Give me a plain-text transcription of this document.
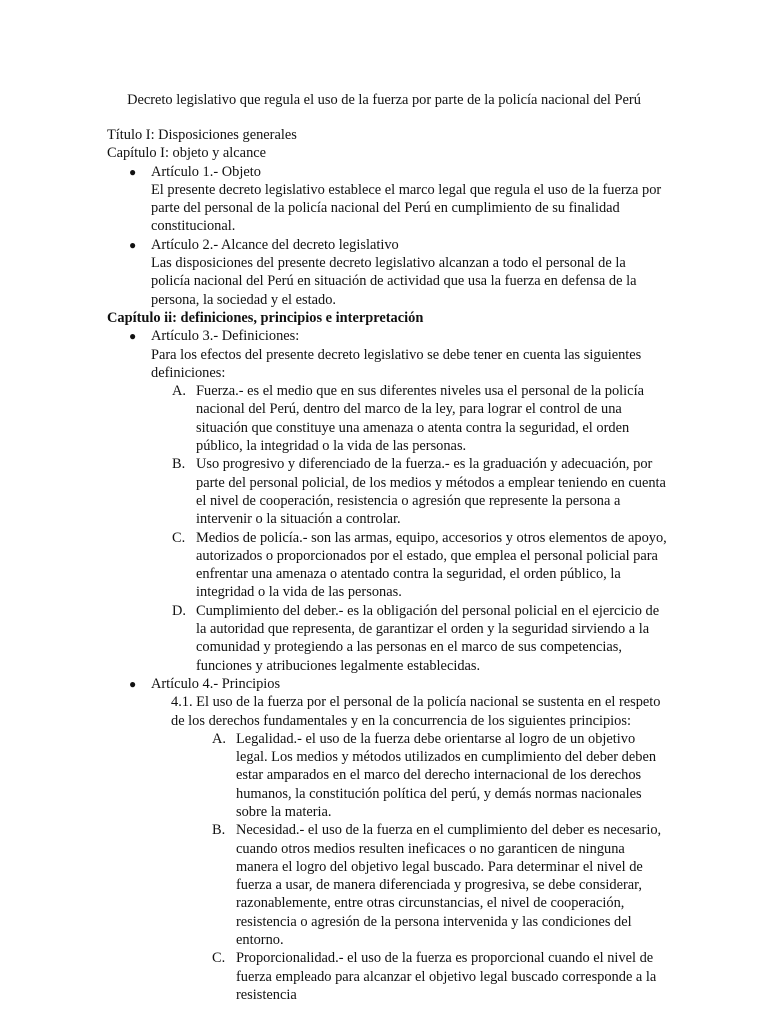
Decreto legislativo que regula el uso de la fuerza por parte de la policía nacional del Perú

Título I: Disposiciones generales

Capítulo I: objeto y alcance

● Artículo 1.- Objeto

El presente decreto legislativo establece el marco legal que regula el uso de la fuerza por parte del personal de la policía nacional del Perú en cumplimiento de su finalidad constitucional.

● Artículo 2.- Alcance del decreto legislativo

Las disposiciones del presente decreto legislativo alcanzan a todo el personal de la policía nacional del Perú en situación de actividad que usa la fuerza en defensa de la persona, la sociedad y el estado.

Capítulo ii: definiciones, principios e interpretación

● Artículo 3.- Definiciones:

Para los efectos del presente decreto legislativo se debe tener en cuenta las siguientes definiciones:

A. Fuerza.- es el medio que en sus diferentes niveles usa el personal de la policía nacional del Perú, dentro del marco de la ley, para lograr el control de una situación que constituye una amenaza o atenta contra la seguridad, el orden público, la integridad o la vida de las personas.
B. Uso progresivo y diferenciado de la fuerza.- es la graduación y adecuación, por parte del personal policial, de los medios y métodos a emplear teniendo en cuenta el nivel de cooperación, resistencia o agresión que represente la persona a intervenir o la situación a controlar.
C. Medios de policía.- son las armas, equipo, accesorios y otros elementos de apoyo, autorizados o proporcionados por el estado, que emplea el personal policial para enfrentar una amenaza o atentado contra la seguridad, el orden público, la integridad o la vida de las personas.
D. Cumplimiento del deber.- es la obligación del personal policial en el ejercicio de la autoridad que representa, de garantizar el orden y la seguridad sirviendo a la comunidad y protegiendo a las personas en el marco de sus competencias, funciones y atribuciones legalmente establecidas.
● Artículo 4.- Principios

4.1. El uso de la fuerza por el personal de la policía nacional se sustenta en el respeto de los derechos fundamentales y en la concurrencia de los siguientes principios:

A. Legalidad.- el uso de la fuerza debe orientarse al logro de un objetivo legal. Los medios y métodos utilizados en cumplimiento del deber deben estar amparados en el marco del derecho internacional de los derechos humanos, la constitución política del perú, y demás normas nacionales sobre la materia.
B. Necesidad.- el uso de la fuerza en el cumplimiento del deber es necesario, cuando otros medios resulten ineficaces o no garanticen de ninguna manera el logro del objetivo legal buscado. Para determinar el nivel de fuerza a usar, de manera diferenciada y progresiva, se debe considerar, razonablemente, entre otras circunstancias, el nivel de cooperación, resistencia o agresión de la persona intervenida y las condiciones del entorno.
C. Proporcionalidad.- el uso de la fuerza es proporcional cuando el nivel de fuerza empleado para alcanzar el objetivo legal buscado corresponde a la resistencia
